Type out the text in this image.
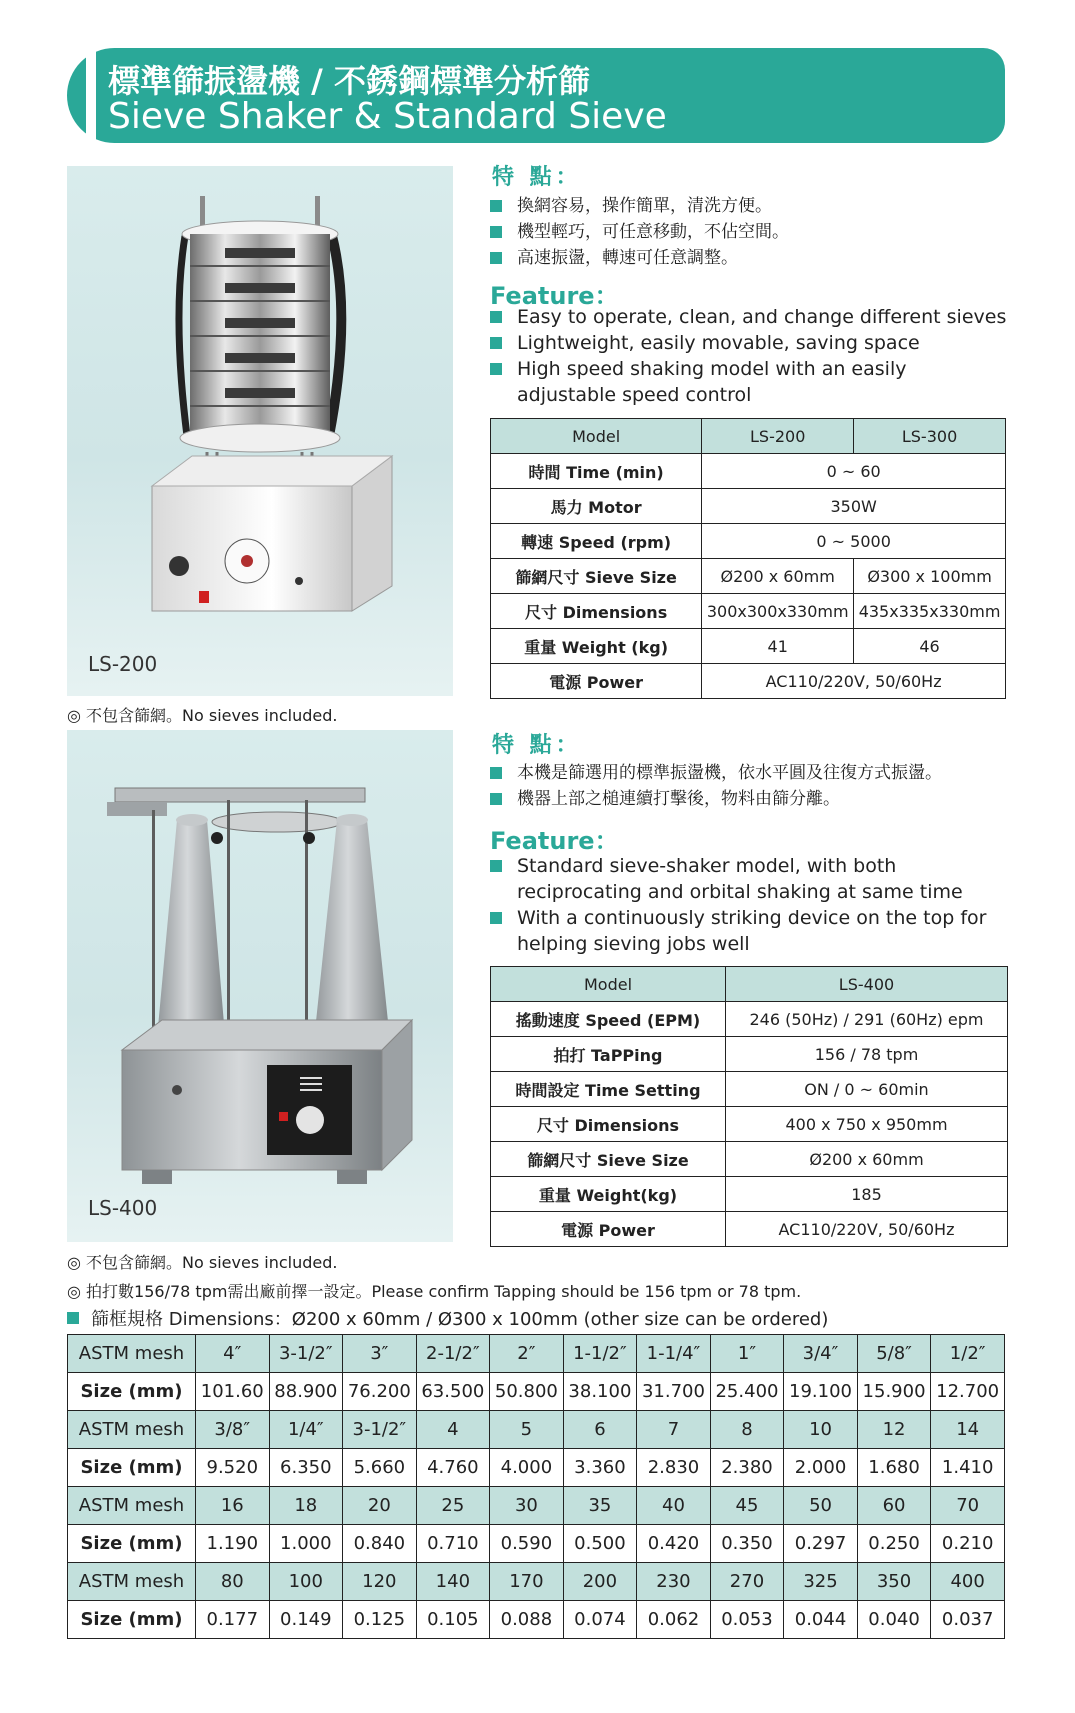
標準篩振盪機 / 不銹鋼標準分析篩
Sieve Shaker & Standard Sieve
LS-200
◎ 不包含篩網。No sieves included.
特 點：
換網容易，操作簡單，清洗方便。
機型輕巧，可任意移動，不佔空間。
高速振盪，轉速可任意調整。
Feature：
Easy to operate, clean, and change different sieves
Lightweight, easily movable, saving space
High speed shaking model with an easily adjustable speed control
Model	LS-200	LS-300
時間 Time (min)	0 ~ 60	
馬力 Motor	350W	
轉速 Speed (rpm)	0 ~ 5000	
篩網尺寸 Sieve Size	Ø200 x 60mm	Ø300 x 100mm
尺寸 Dimensions	300x300x330mm	435x335x330mm
重量 Weight (kg)	41	46
電源 Power	AC110/220V, 50/60Hz	
LS-400
◎ 不包含篩網。No sieves included.
◎ 拍打數156/78 tpm需出廠前擇一設定。Please confirm Tapping should be 156 tpm or 78 tpm.
特 點：
本機是篩選用的標準振盪機，依水平圓及往復方式振盪。
機器上部之槌連續打擊後，物料由篩分離。
Feature：
Standard sieve-shaker model, with both reciprocating and orbital shaking at same time
With a continuously striking device on the top for helping sieving jobs well
Model	LS-400
搖動速度 Speed (EPM)	246 (50Hz) / 291 (60Hz) epm
拍打 TaPPing	156 / 78 tpm
時間設定 Time Setting	ON / 0 ~ 60min
尺寸 Dimensions	400 x 750 x 950mm
篩網尺寸 Sieve Size	Ø200 x 60mm
重量 Weight(kg)	185
電源 Power	AC110/220V, 50/60Hz
篩框規格 Dimensions：Ø200 x 60mm / Ø300 x 100mm (other size can be ordered)
ASTM mesh	4″	3-1/2″	3″	2-1/2″	2″	1-1/2″	1-1/4″	1″	3/4″	5/8″	1/2″
Size (mm)	101.60	88.900	76.200	63.500	50.800	38.100	31.700	25.400	19.100	15.900	12.700
ASTM mesh	3/8″	1/4″	3-1/2″	4	5	6	7	8	10	12	14
Size (mm)	9.520	6.350	5.660	4.760	4.000	3.360	2.830	2.380	2.000	1.680	1.410
ASTM mesh	16	18	20	25	30	35	40	45	50	60	70
Size (mm)	1.190	1.000	0.840	0.710	0.590	0.500	0.420	0.350	0.297	0.250	0.210
ASTM mesh	80	100	120	140	170	200	230	270	325	350	400
Size (mm)	0.177	0.149	0.125	0.105	0.088	0.074	0.062	0.053	0.044	0.040	0.037
